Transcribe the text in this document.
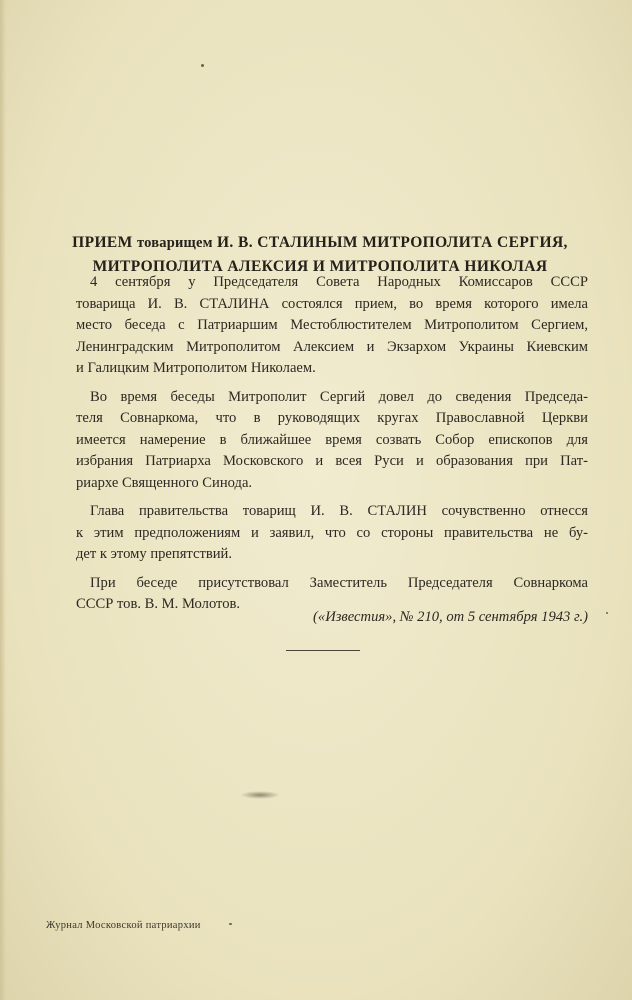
ПРИЕМ товарищем И. В. СТАЛИНЫМ МИТРОПОЛИТА СЕРГИЯ,
МИТРОПОЛИТА АЛЕКСИЯ И МИТРОПОЛИТА НИКОЛАЯ

4 сентября у Председателя Совета Народных Комиссаров СССР
товарища И. В. СТАЛИНА состоялся прием, во время которого имела
место беседа с Патриаршим Местоблюстителем Митрополитом Сергием,
Ленинградским Митрополитом Алексием и Экзархом Украины Киевским
и Галицким Митрополитом Николаем.

Во время беседы Митрополит Сергий довел до сведения Председа-
теля Совнаркома, что в руководящих кругах Православной Церкви
имеется намерение в ближайшее время созвать Собор епископов для
избрания Патриарха Московского и всея Руси и образования при Пат-
риархе Священного Синода.

Глава правительства товарищ И. В. СТАЛИН сочувственно отнесся
к этим предположениям и заявил, что со стороны правительства не бу-
дет к этому препятствий.

При беседе присутствовал Заместитель Председателя Совнаркома
СССР тов. В. М. Молотов.

(«Известия», № 210, от 5 сентября 1943 г.)
Журнал Московской патриархии
